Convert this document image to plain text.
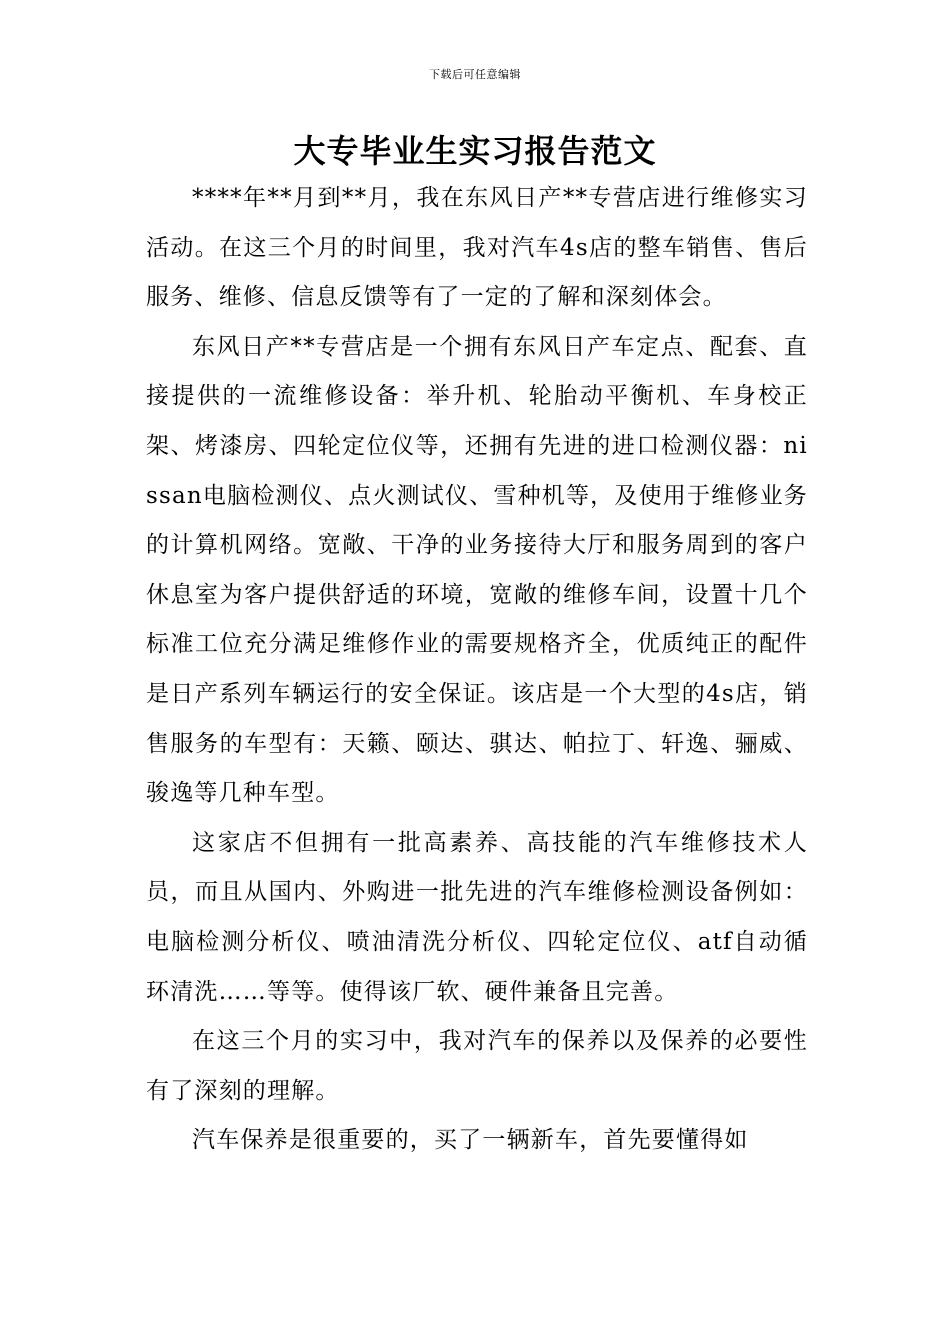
下载后可任意编辑
大专毕业生实习报告范文

****年**月到**月，我在东风日产**专营店进行维修实习活动。在这三个月的时间里，我对汽车4s店的整车销售、售后服务、维修、信息反馈等有了一定的了解和深刻体会。

东风日产**专营店是一个拥有东风日产车定点、配套、直接提供的一流维修设备：举升机、轮胎动平衡机、车身校正架、烤漆房、四轮定位仪等，还拥有先进的进口检测仪器：nissan电脑检测仪、点火测试仪、雪种机等，及使用于维修业务的计算机网络。宽敞、干净的业务接待大厅和服务周到的客户休息室为客户提供舒适的环境，宽敞的维修车间，设置十几个标准工位充分满足维修作业的需要规格齐全，优质纯正的配件是日产系列车辆运行的安全保证。该店是一个大型的4s店，销售服务的车型有：天籁、颐达、骐达、帕拉丁、轩逸、骊威、骏逸等几种车型。

这家店不但拥有一批高素养、高技能的汽车维修技术人员，而且从国内、外购进一批先进的汽车维修检测设备例如：电脑检测分析仪、喷油清洗分析仪、四轮定位仪、atf自动循环清洗……等等。使得该厂软、硬件兼备且完善。

在这三个月的实习中，我对汽车的保养以及保养的必要性有了深刻的理解。

汽车保养是很重要的，买了一辆新车，首先要懂得如
